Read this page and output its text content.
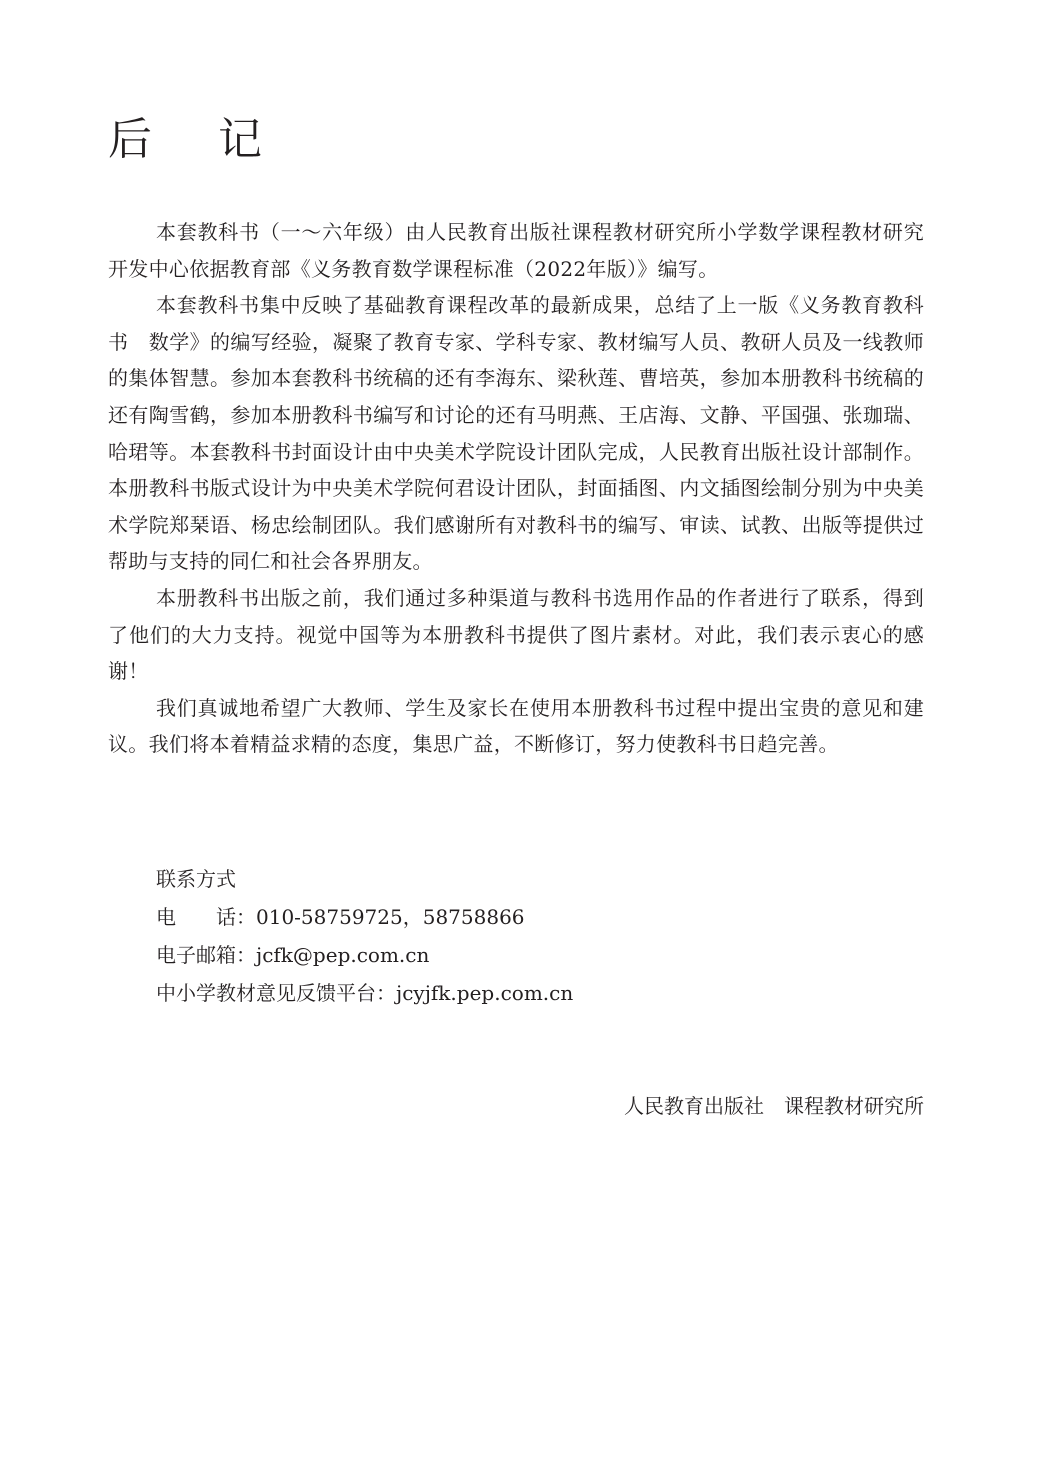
后 记

本套教科书（一～六年级）由人民教育出版社课程教材研究所小学数学课程教材研究开发中心依据教育部《义务教育数学课程标准（2022年版）》编写。

本套教科书集中反映了基础教育课程改革的最新成果，总结了上一版《义务教育教科书　数学》的编写经验，凝聚了教育专家、学科专家、教材编写人员、教研人员及一线教师的集体智慧。参加本套教科书统稿的还有李海东、梁秋莲、曹培英，参加本册教科书统稿的还有陶雪鹤，参加本册教科书编写和讨论的还有马明燕、王店海、文静、平国强、张珈瑞、哈珺等。本套教科书封面设计由中央美术学院设计团队完成，人民教育出版社设计部制作。本册教科书版式设计为中央美术学院何君设计团队，封面插图、内文插图绘制分别为中央美术学院郑琹语、杨忠绘制团队。我们感谢所有对教科书的编写、审读、试教、出版等提供过帮助与支持的同仁和社会各界朋友。

本册教科书出版之前，我们通过多种渠道与教科书选用作品的作者进行了联系，得到了他们的大力支持。视觉中国等为本册教科书提供了图片素材。对此，我们表示衷心的感谢！

我们真诚地希望广大教师、学生及家长在使用本册教科书过程中提出宝贵的意见和建议。我们将本着精益求精的态度，集思广益，不断修订，努力使教科书日趋完善。

联系方式
电　　话：010-58759725，58758866
电子邮箱：jcfk@pep.com.cn
中小学教材意见反馈平台：jcyjfk.pep.com.cn
人民教育出版社 课程教材研究所
